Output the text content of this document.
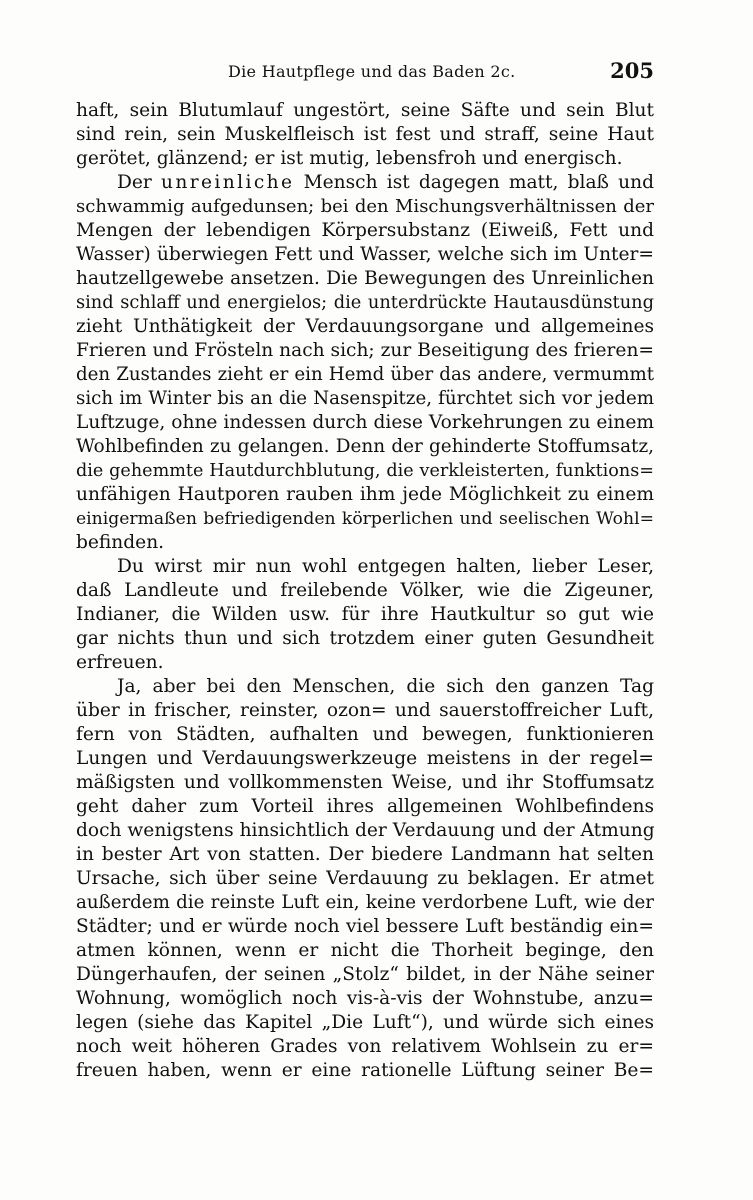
Die Hautpflege und das Baden 2c.	205
haft, sein Blutumlauf ungestört, seine Säfte und sein Blut
sind rein, sein Muskelfleisch ist fest und straff, seine Haut
gerötet, glänzend; er ist mutig, lebensfroh und energisch.
Der unreinliche Mensch ist dagegen matt, blaß und
schwammig aufgedunsen; bei den Mischungsverhältnissen der
Mengen der lebendigen Körpersubstanz (Eiweiß, Fett und
Wasser) überwiegen Fett und Wasser, welche sich im Unter=
hautzellgewebe ansetzen. Die Bewegungen des Unreinlichen
sind schlaff und energielos; die unterdrückte Hautausdünstung
zieht Unthätigkeit der Verdauungsorgane und allgemeines
Frieren und Frösteln nach sich; zur Beseitigung des frieren=
den Zustandes zieht er ein Hemd über das andere, vermummt
sich im Winter bis an die Nasenspitze, fürchtet sich vor jedem
Luftzuge, ohne indessen durch diese Vorkehrungen zu einem
Wohlbefinden zu gelangen. Denn der gehinderte Stoffumsatz,
die gehemmte Hautdurchblutung, die verkleisterten, funktions=
unfähigen Hautporen rauben ihm jede Möglichkeit zu einem
einigermaßen befriedigenden körperlichen und seelischen Wohl=
befinden.
Du wirst mir nun wohl entgegen halten, lieber Leser,
daß Landleute und freilebende Völker, wie die Zigeuner,
Indianer, die Wilden usw. für ihre Hautkultur so gut wie
gar nichts thun und sich trotzdem einer guten Gesundheit
erfreuen.
Ja, aber bei den Menschen, die sich den ganzen Tag
über in frischer, reinster, ozon= und sauerstoffreicher Luft,
fern von Städten, aufhalten und bewegen, funktionieren
Lungen und Verdauungswerkzeuge meistens in der regel=
mäßigsten und vollkommensten Weise, und ihr Stoffumsatz
geht daher zum Vorteil ihres allgemeinen Wohlbefindens
doch wenigstens hinsichtlich der Verdauung und der Atmung
in bester Art von statten. Der biedere Landmann hat selten
Ursache, sich über seine Verdauung zu beklagen. Er atmet
außerdem die reinste Luft ein, keine verdorbene Luft, wie der
Städter; und er würde noch viel bessere Luft beständig ein=
atmen können, wenn er nicht die Thorheit beginge, den
Düngerhaufen, der seinen „Stolz“ bildet, in der Nähe seiner
Wohnung, womöglich noch vis-à-vis der Wohnstube, anzu=
legen (siehe das Kapitel „Die Luft“), und würde sich eines
noch weit höheren Grades von relativem Wohlsein zu er=
freuen haben, wenn er eine rationelle Lüftung seiner Be=
